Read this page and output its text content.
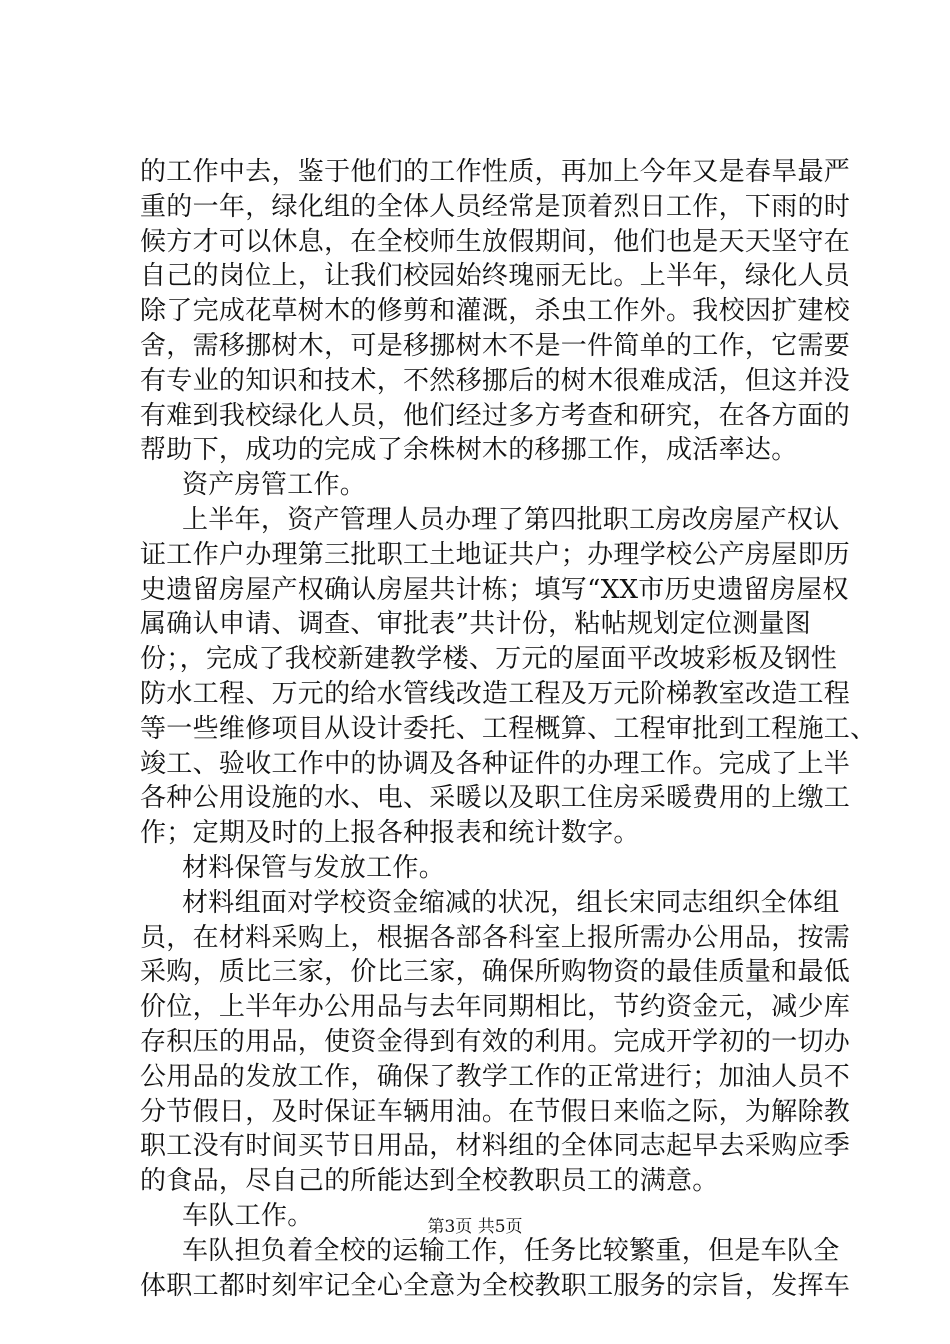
的工作中去，鉴于他们的工作性质，再加上今年又是春旱最严
重的一年，绿化组的全体人员经常是顶着烈日工作，下雨的时
候方才可以休息，在全校师生放假期间，他们也是天天坚守在
自己的岗位上，让我们校园始终瑰丽无比。上半年，绿化人员
除了完成花草树木的修剪和灌溉，杀虫工作外。我校因扩建校
舍，需移挪树木，可是移挪树木不是一件简单的工作，它需要
有专业的知识和技术，不然移挪后的树木很难成活，但这并没
有难到我校绿化人员，他们经过多方考查和研究，在各方面的
帮助下，成功的完成了余株树木的移挪工作，成活率达。
资产房管工作。
上半年，资产管理人员办理了第四批职工房改房屋产权认
证工作户办理第三批职工土地证共户；办理学校公产房屋即历
史遗留房屋产权确认房屋共计栋；填写“XX市历史遗留房屋权
属确认申请、调查、审批表”共计份，粘帖规划定位测量图
份；，完成了我校新建教学楼、万元的屋面平改坡彩板及钢性
防水工程、万元的给水管线改造工程及万元阶梯教室改造工程
等一些维修项目从设计委托、工程概算、工程审批到工程施工、
竣工、验收工作中的协调及各种证件的办理工作。完成了上半
各种公用设施的水、电、采暖以及职工住房采暖费用的上缴工
作；定期及时的上报各种报表和统计数字。
材料保管与发放工作。
材料组面对学校资金缩减的状况，组长宋同志组织全体组
员，在材料采购上，根据各部各科室上报所需办公用品，按需
采购，质比三家，价比三家，确保所购物资的最佳质量和最低
价位，上半年办公用品与去年同期相比，节约资金元，减少库
存积压的用品，使资金得到有效的利用。完成开学初的一切办
公用品的发放工作，确保了教学工作的正常进行；加油人员不
分节假日，及时保证车辆用油。在节假日来临之际，为解除教
职工没有时间买节日用品，材料组的全体同志起早去采购应季
的食品，尽自己的所能达到全校教职员工的满意。
车队工作。
车队担负着全校的运输工作，任务比较繁重，但是车队全
体职工都时刻牢记全心全意为全校教职工服务的宗旨，发挥车
第3页 共5页
